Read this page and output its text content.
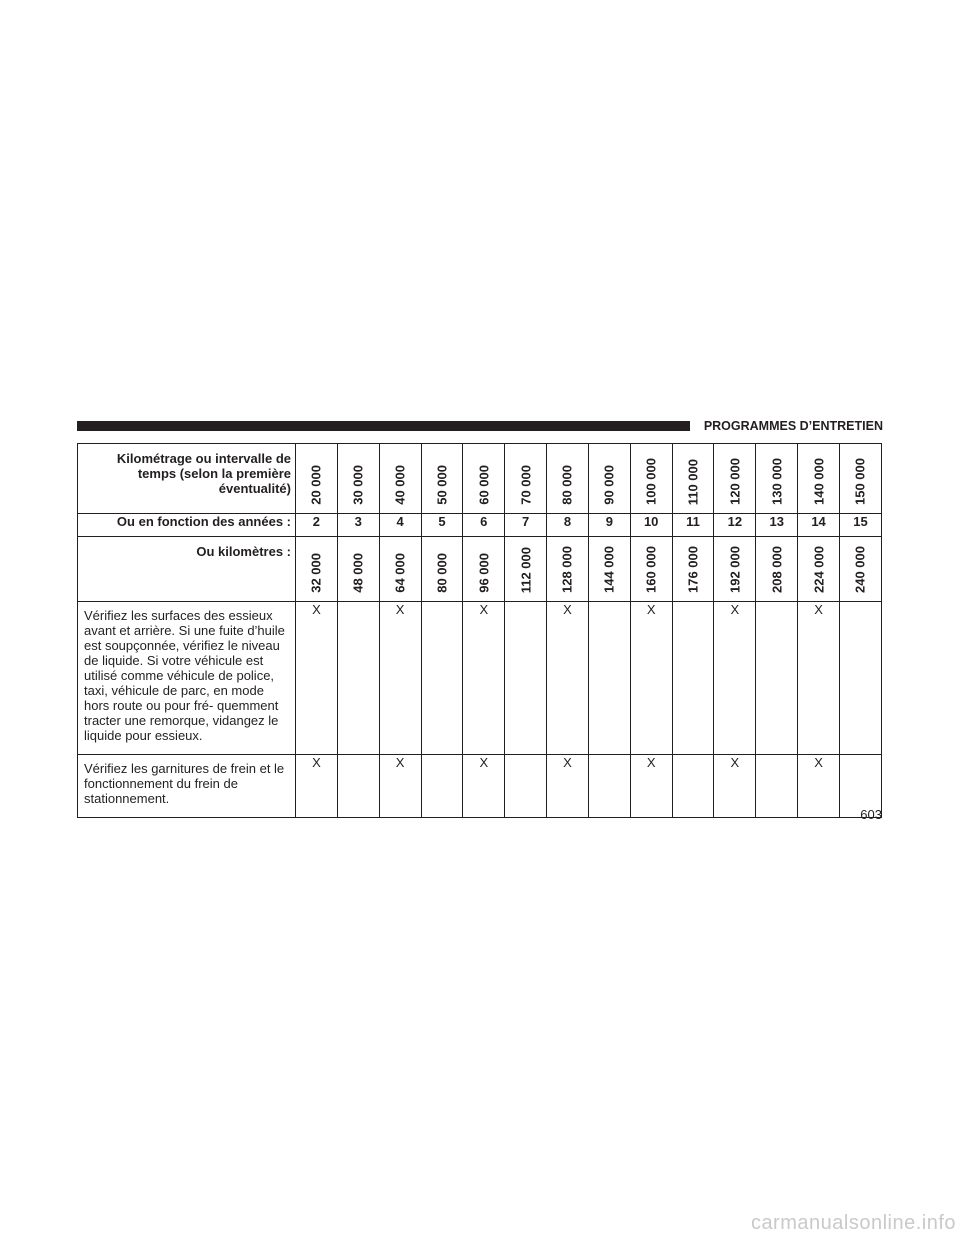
PROGRAMMES D’ENTRETIEN
Kilométrage ou intervalle de temps (selon la première éventualité)	20 000	30 000	40 000	50 000	60 000	70 000	80 000	90 000	100 000	110 000	120 000	130 000	140 000	150 000

Ou en fonction des années :	2	3	4	5	6	7	8	9	10	11	12	13	14	15
Ou kilomètres :	32 000	48 000	64 000	80 000	96 000	112 000	128 000	144 000	160 000	176 000	192 000	208 000	224 000	240 000

Vérifiez les surfaces des essieux avant et arrière. Si une fuite d’huile est soupçonnée, vérifiez le niveau de liquide. Si votre véhicule est utilisé comme véhicule de police, taxi, véhicule de parc, en mode hors route ou pour fré- quemment tracter une remorque, vidangez le liquide pour essieux.	X		X		X		X		X		X		X	
Vérifiez les garnitures de frein et le fonctionnement du frein de stationnement.	X		X		X		X		X		X		X	
603
carmanualsonline.info
